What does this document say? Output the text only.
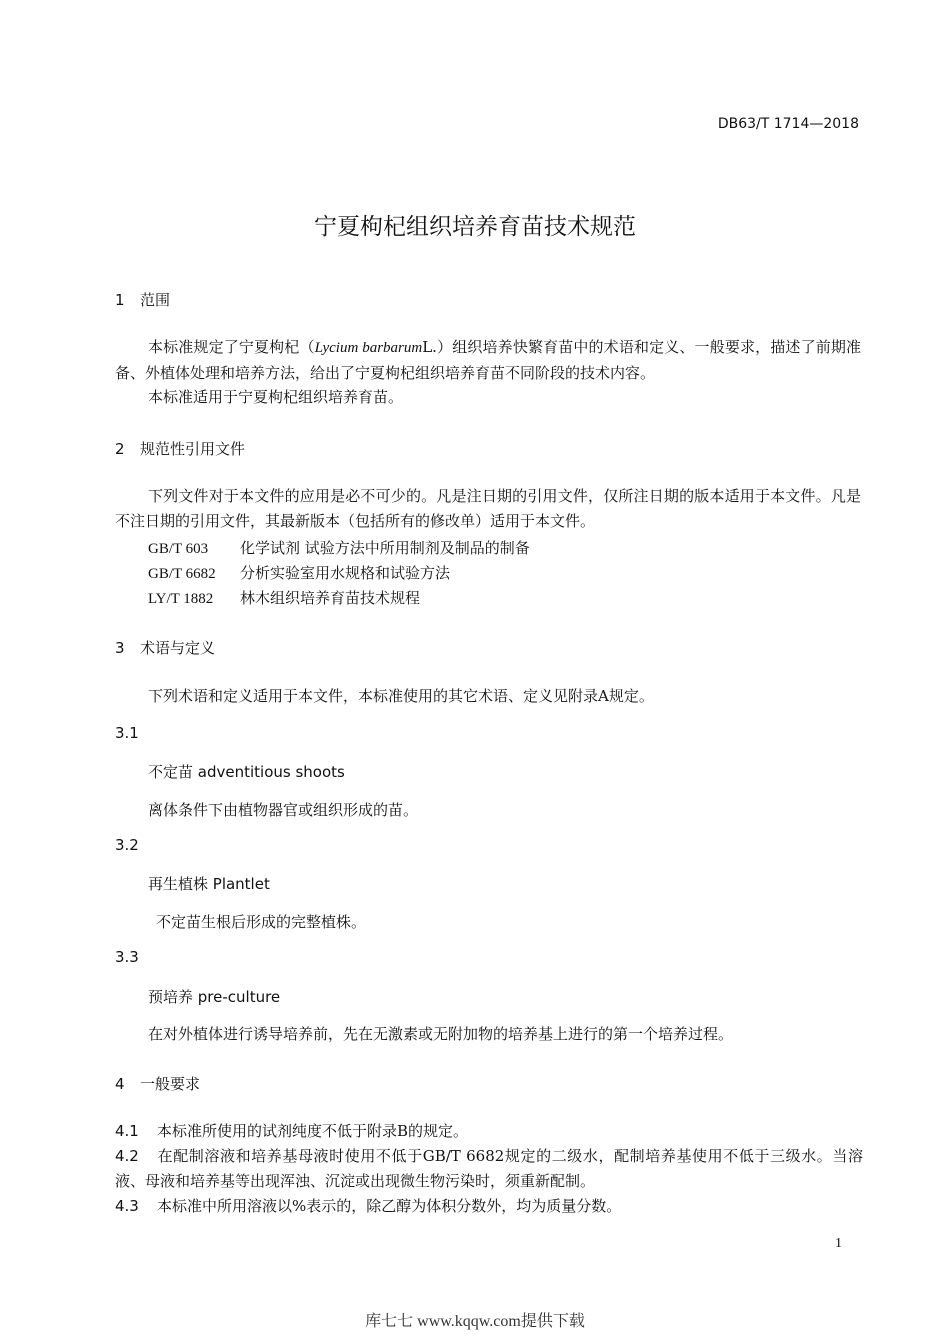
DB63/T 1714—2018
宁夏枸杞组织培养育苗技术规范
1 范围
本标准规定了宁夏枸杞（Lycium barbarumL.）组织培养快繁育苗中的术语和定义、一般要求，描述了前期准备、外植体处理和培养方法，给出了宁夏枸杞组织培养育苗不同阶段的技术内容。
本标准适用于宁夏枸杞组织培养育苗。
2 规范性引用文件
下列文件对于本文件的应用是必不可少的。凡是注日期的引用文件，仅所注日期的版本适用于本文件。凡是不注日期的引用文件，其最新版本（包括所有的修改单）适用于本文件。
GB/T 603 化学试剂 试验方法中所用制剂及制品的制备
GB/T 6682 分析实验室用水规格和试验方法
LY/T 1882 林木组织培养育苗技术规程
3 术语与定义
下列术语和定义适用于本文件，本标准使用的其它术语、定义见附录A规定。
3.1
不定苗 adventitious shoots
离体条件下由植物器官或组织形成的苗。
3.2
再生植株 Plantlet
不定苗生根后形成的完整植株。
3.3
预培养 pre-culture
在对外植体进行诱导培养前，先在无激素或无附加物的培养基上进行的第一个培养过程。
4 一般要求
4.1 本标准所使用的试剂纯度不低于附录B的规定。
4.2 在配制溶液和培养基母液时使用不低于GB/T 6682规定的二级水，配制培养基使用不低于三级水。当溶液、母液和培养基等出现浑浊、沉淀或出现微生物污染时，须重新配制。
4.3 本标准中所用溶液以%表示的，除乙醇为体积分数外，均为质量分数。
1
库七七 www.kqqw.com提供下载
